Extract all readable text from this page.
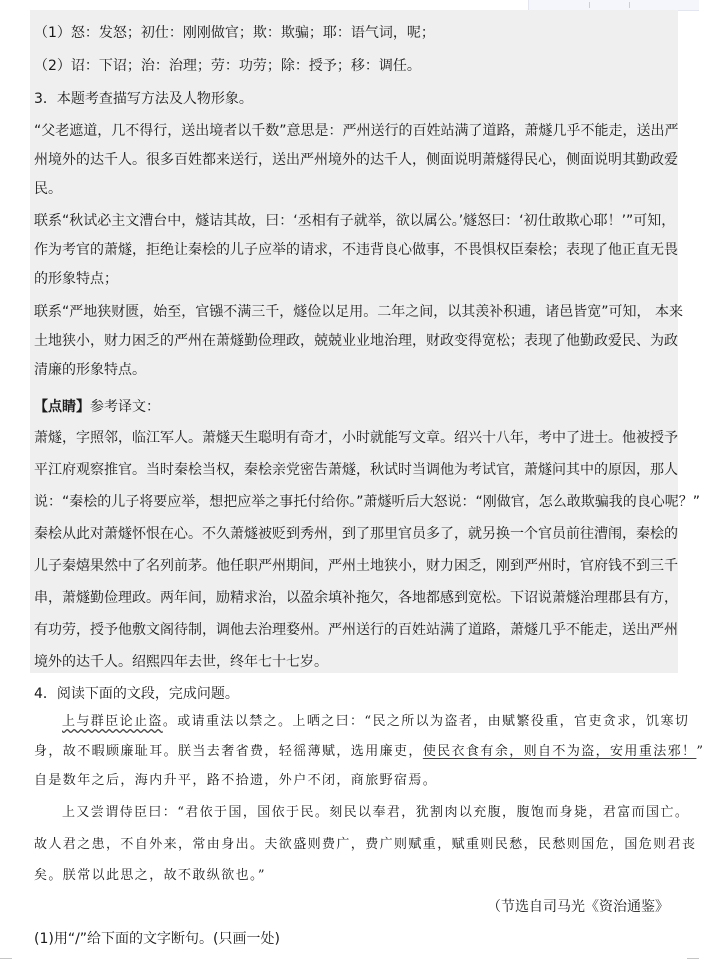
（1）怒：发怒；初仕：刚刚做官；欺：欺骗；耶：语气词，呢；
（2）诏：下诏；治：治理；劳：功劳；除：授予；移：调任。
3．本题考查描写方法及人物形象。
“父老遮道，几不得行，送出境者以千数”意思是：严州送行的百姓站满了道路，萧燧几乎不能走，送出严
州境外的达千人。很多百姓都来送行，送出严州境外的达千人，侧面说明萧燧得民心，侧面说明其勤政爱
民。
联系“秋试必主文漕台中，燧诘其故，曰：‘丞相有子就举，欲以属公。’燧怒曰：‘初仕敢欺心耶！’”可知，
作为考官的萧燧，拒绝让秦桧的儿子应举的请求，不违背良心做事，不畏惧权臣秦桧；表现了他正直无畏
的形象特点；
联系“严地狭财匮，始至，官镪不满三千，燧俭以足用。二年之间，以其羡补积逋，诸邑皆宽”可知， 本来
土地狭小，财力困乏的严州在萧燧勤俭理政，兢兢业业地治理，财政变得宽松；表现了他勤政爱民、为政
清廉的形象特点。
【点睛】参考译文：
萧燧，字照邻，临江军人。萧燧天生聪明有奇才，小时就能写文章。绍兴十八年，考中了进士。他被授予
平江府观察推官。当时秦桧当权，秦桧亲党密告萧燧，秋试时当调他为考试官，萧燧问其中的原因，那人
说：“秦桧的儿子将要应举，想把应举之事托付给你。”萧燧听后大怒说：“刚做官，怎么敢欺骗我的良心呢？”
秦桧从此对萧燧怀恨在心。不久萧燧被贬到秀州，到了那里官员多了，就另换一个官员前往漕闱，秦桧的
儿子秦熺果然中了名列前茅。他任职严州期间，严州土地狭小，财力困乏，刚到严州时，官府钱不到三千
串，萧燧勤俭理政。两年间，励精求治，以盈余填补拖欠，各地都感到宽松。下诏说萧燧治理郡县有方，
有功劳，授予他敷文阁待制，调他去治理婺州。严州送行的百姓站满了道路，萧燧几乎不能走，送出严州
境外的达千人。绍熙四年去世，终年七十七岁。
4．阅读下面的文段，完成问题。
上与群臣论止盗。或请重法以禁之。上哂之曰：“民之所以为盗者，由赋繁役重，官吏贪求，饥寒切
身，故不暇顾廉耻耳。朕当去奢省费，轻徭薄赋，选用廉吏，使民衣食有余，则自不为盗，安用重法邪！”
自是数年之后，海内升平，路不拾遗，外户不闭，商旅野宿焉。
上又尝谓侍臣曰：“君依于国，国依于民。刻民以奉君，犹割肉以充腹，腹饱而身毙，君富而国亡。
故人君之患，不自外来，常由身出。夫欲盛则费广，费广则赋重，赋重则民愁，民愁则国危，国危则君丧
矣。朕常以此思之，故不敢纵欲也。”
（节选自司马光《资治通鉴》
(1)用“/”给下面的文字断句。(只画一处)
